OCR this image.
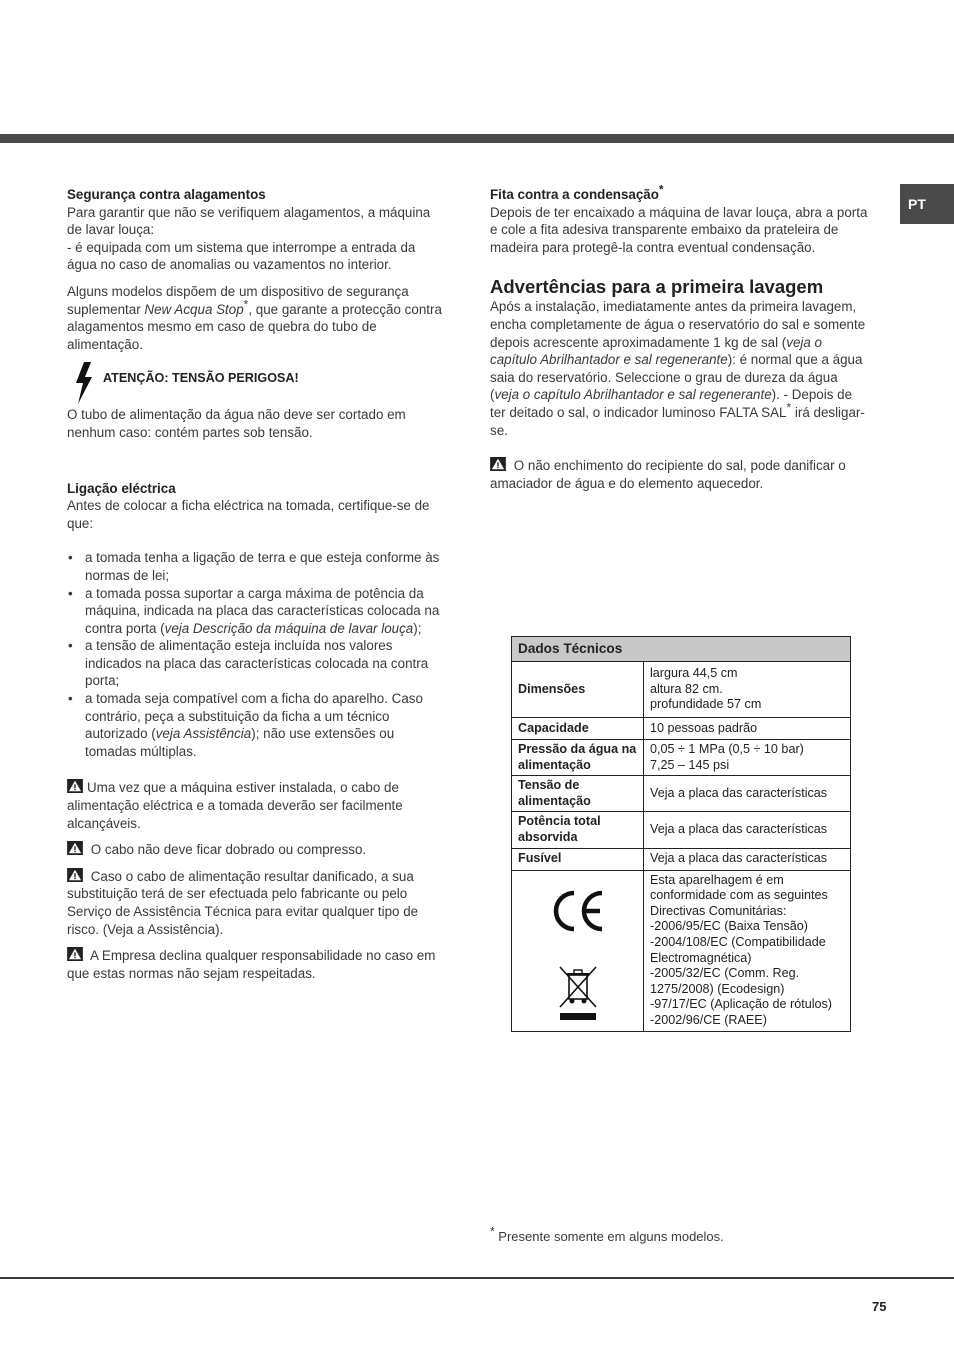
PT

Segurança contra alagamentos

Para garantir que não se verifiquem alagamentos, a máquina de lavar louça:

- é equipada com um sistema que interrompe a entrada da água no caso de anomalias ou vazamentos no interior.

Alguns modelos dispõem de um dispositivo de segurança suplementar New Acqua Stop*, que garante a protecção contra alagamentos mesmo em caso de quebra do tubo de alimentação.

ATENÇÃO: TENSÃO PERIGOSA!

O tubo de alimentação da água não deve ser cortado em nenhum caso: contém partes sob tensão.

Ligação eléctrica

Antes de colocar a ficha eléctrica na tomada, certifique-se de que:

• a tomada tenha a ligação de terra e que esteja conforme às normas de lei;
• a tomada possa suportar a carga máxima de potência da máquina, indicada na placa das características colocada na contra porta (veja Descrição da máquina de lavar louça);
• a tensão de alimentação esteja incluída nos valores indicados na placa das características colocada na contra porta;
• a tomada seja compatível com a ficha do aparelho. Caso contrário, peça a substituição da ficha a um técnico autorizado (veja Assistência); não use extensões ou tomadas múltiplas.

Uma vez que a máquina estiver instalada, o cabo de alimentação eléctrica e a tomada deverão ser facilmente alcançáveis.

O cabo não deve ficar dobrado ou compresso.

Caso o cabo de alimentação resultar danificado, a sua substituição terá de ser efectuada pelo fabricante ou pelo Serviço de Assistência Técnica para evitar qualquer tipo de risco. (Veja a Assistência).

A Empresa declina qualquer responsabilidade no caso em que estas normas não sejam respeitadas.

Fita contra a condensação*

Depois de ter encaixado a máquina de lavar louça, abra a porta e cole a fita adesiva transparente embaixo da prateleira de madeira para protegê-la contra eventual condensação.

Advertências para a primeira lavagem

Após a instalação, imediatamente antes da primeira lavagem, encha completamente de água o reservatório do sal e somente depois acrescente aproximadamente 1 kg de sal (veja o capítulo Abrilhantador e sal regenerante): é normal que a água saia do reservatório. Seleccione o grau de dureza da água (veja o capítulo Abrilhantador e sal regenerante). - Depois de ter deitado o sal, o indicador luminoso FALTA SAL* irá desligar-se.

O não enchimento do recipiente do sal, pode danificar o amaciador de água e do elemento aquecedor.

Dados Técnicos	
Dimensões	largura 44,5 cm
altura 82 cm.
profundidade 57 cm

Capacidade	10 pessoas padrão
Pressão da água na alimentação	0,05 ÷ 1 MPa (0,5 ÷ 10 bar)
7,25 – 145 psi

Tensão de alimentação	Veja a placa das características
Potência total absorvida	Veja a placa das características
Fusível	Veja a placa das características

	Esta aparelhagem é em conformidade com as seguintes Directivas Comunitárias:
-2006/95/EC (Baixa Tensão) -2004/108/EC (Compatibilidade Electromagnética)
-2005/32/EC (Comm. Reg. 1275/2008) (Ecodesign)
-97/17/EC (Aplicação de rótulos)
-2002/96/CE (RAEE)

* Presente somente em alguns modelos.

75
